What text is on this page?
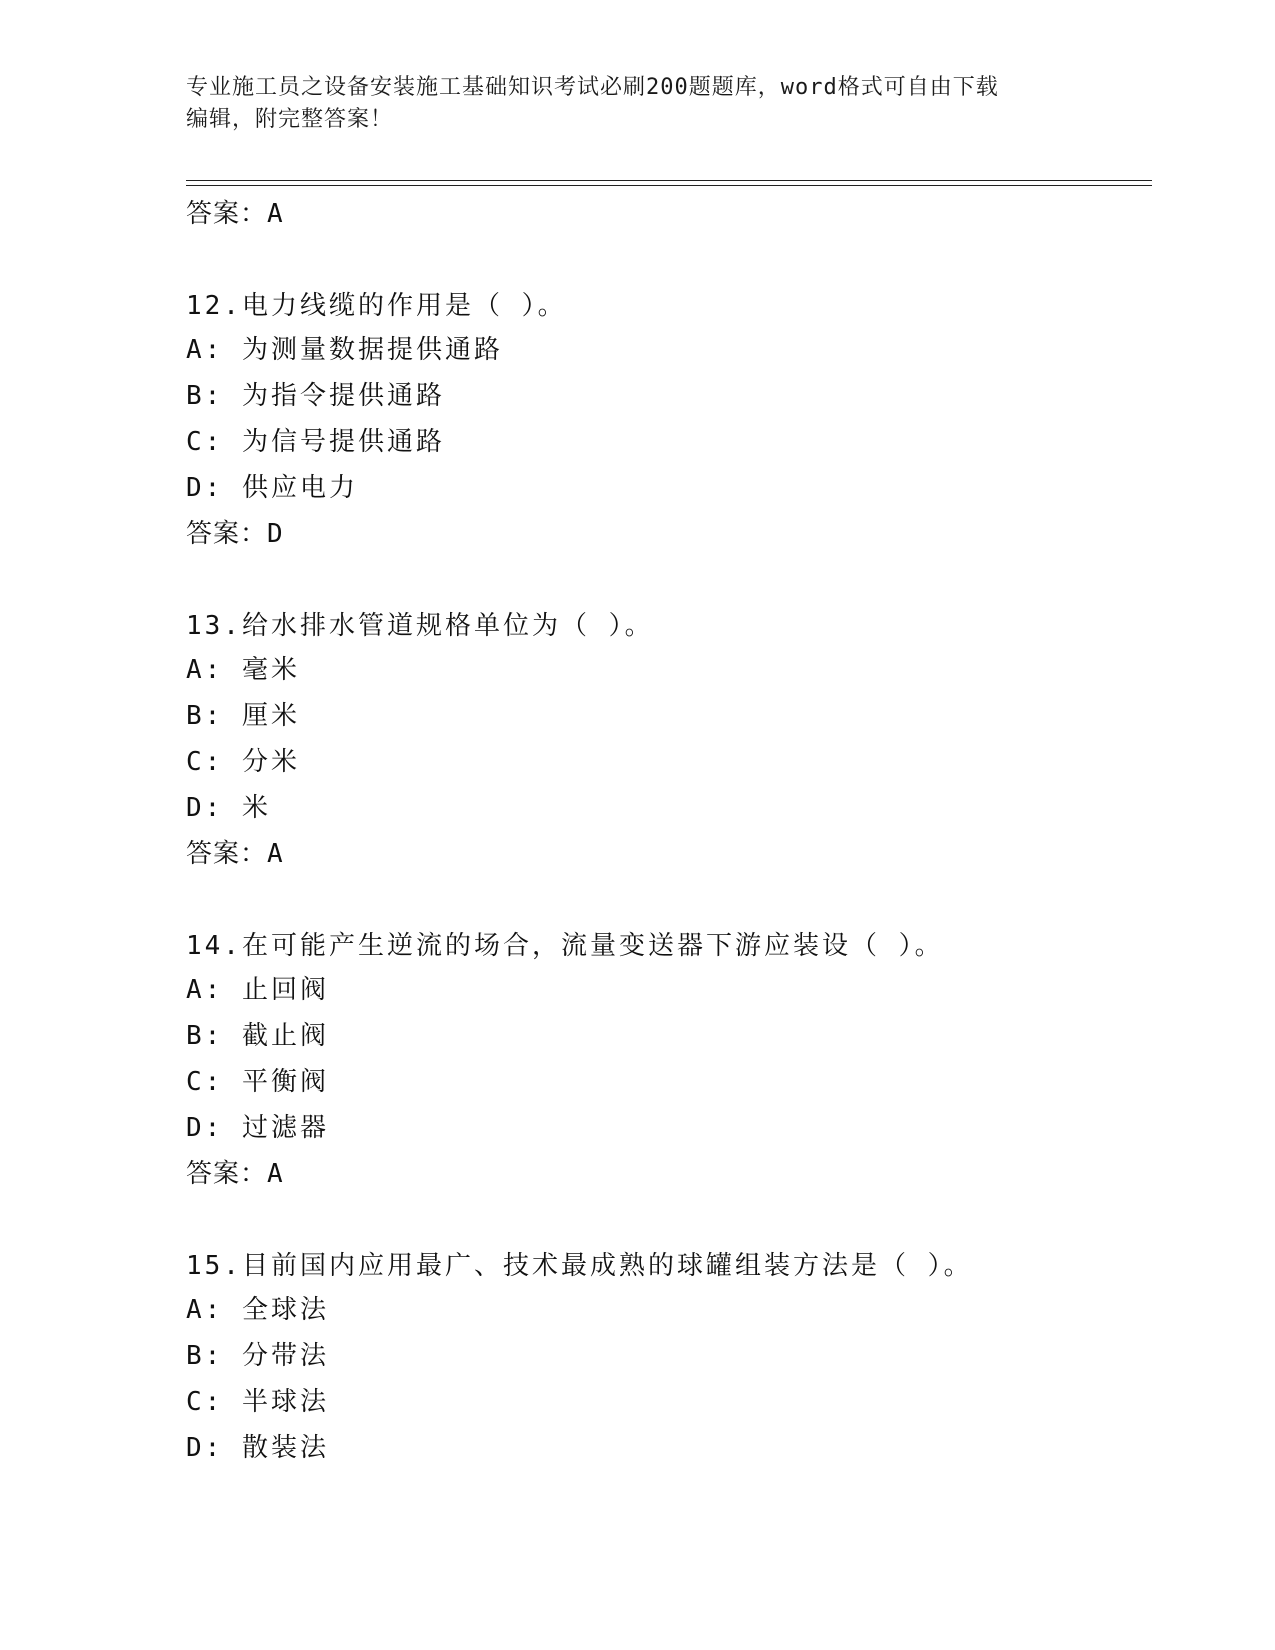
专业施工员之设备安装施工基础知识考试必刷200题题库，word格式可自由下载
编辑，附完整答案！
答案：A
12.电力线缆的作用是（ ）。
A: 为测量数据提供通路
B: 为指令提供通路
C: 为信号提供通路
D: 供应电力
答案：D
13.给水排水管道规格单位为（ ）。
A: 毫米
B: 厘米
C: 分米
D: 米
答案：A
14.在可能产生逆流的场合，流量变送器下游应装设（ ）。
A: 止回阀
B: 截止阀
C: 平衡阀
D: 过滤器
答案：A
15.目前国内应用最广、技术最成熟的球罐组装方法是（ ）。
A: 全球法
B: 分带法
C: 半球法
D: 散装法
